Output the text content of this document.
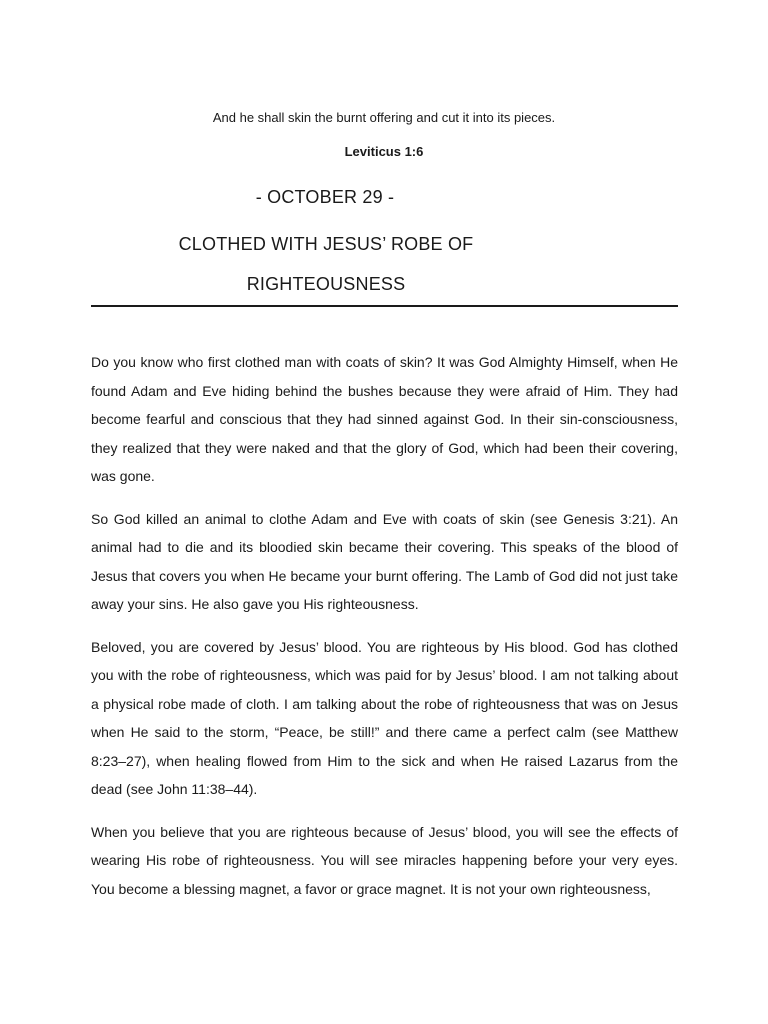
And he shall skin the burnt offering and cut it into its pieces.
Leviticus 1:6
- OCTOBER 29 -
CLOTHED WITH JESUS’ ROBE OF
RIGHTEOUSNESS

Do you know who first clothed man with coats of skin? It was God Almighty Himself, when He found Adam and Eve hiding behind the bushes because they were afraid of Him. They had become fearful and conscious that they had sinned against God. In their sin-consciousness, they realized that they were naked and that the glory of God, which had been their covering, was gone.

So God killed an animal to clothe Adam and Eve with coats of skin (see Genesis 3:21). An animal had to die and its bloodied skin became their covering. This speaks of the blood of Jesus that covers you when He became your burnt offering. The Lamb of God did not just take away your sins. He also gave you His righteousness.

Beloved, you are covered by Jesus’ blood. You are righteous by His blood. God has clothed you with the robe of righteousness, which was paid for by Jesus’ blood. I am not talking about a physical robe made of cloth. I am talking about the robe of righteousness that was on Jesus when He said to the storm, “Peace, be still!” and there came a perfect calm (see Matthew 8:23–27), when healing flowed from Him to the sick and when He raised Lazarus from the dead (see John 11:38–44).

When you believe that you are righteous because of Jesus’ blood, you will see the effects of wearing His robe of righteousness. You will see miracles happening before your very eyes. You become a blessing magnet, a favor or grace magnet. It is not your own righteousness,
